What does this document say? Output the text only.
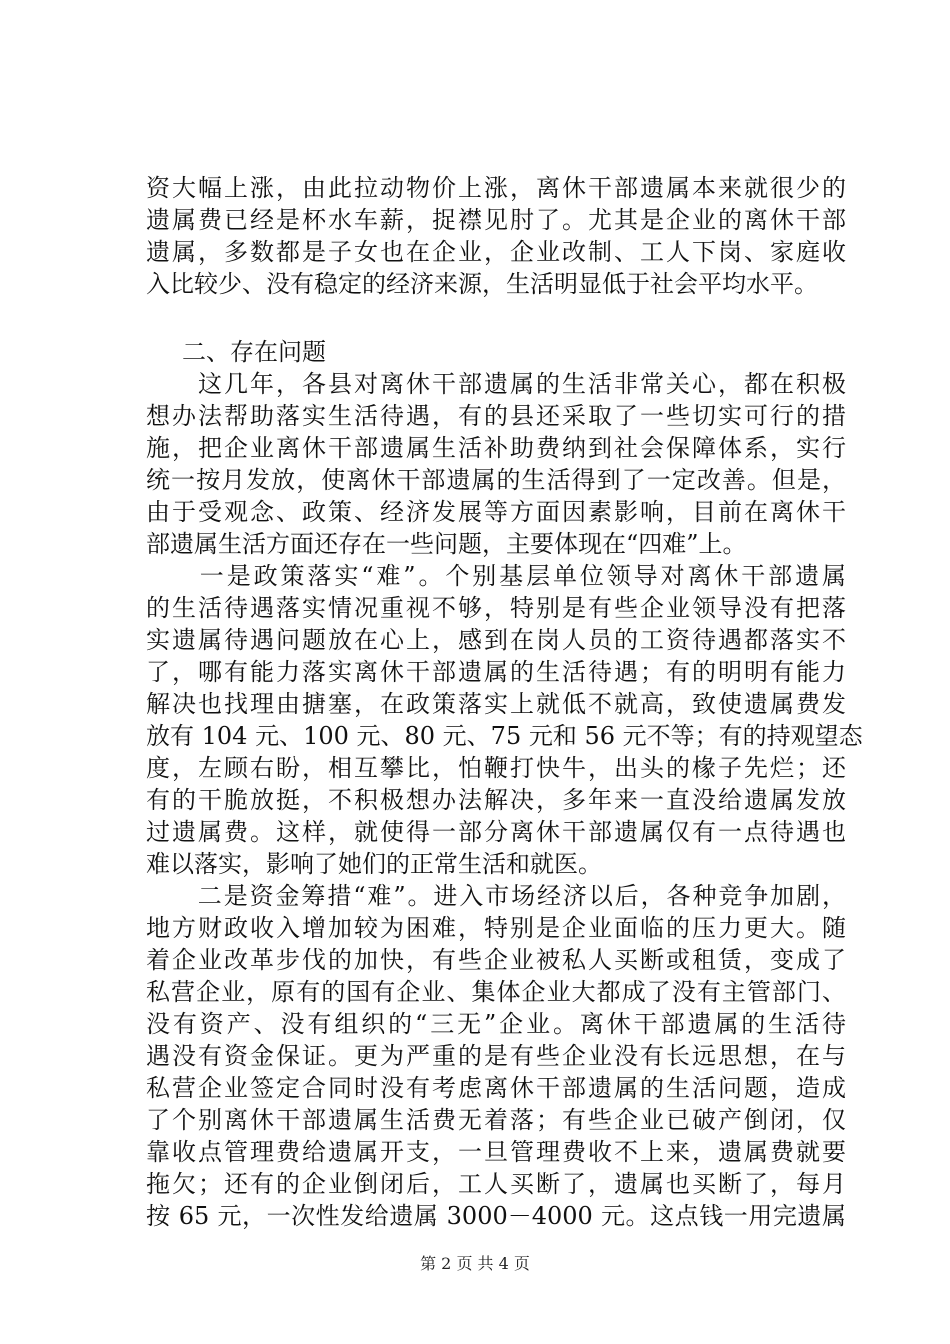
资大幅上涨，由此拉动物价上涨，离休干部遗属本来就很少的
遗属费已经是杯水车薪，捉襟见肘了。尤其是企业的离休干部
遗属，多数都是子女也在企业，企业改制、工人下岗、家庭收
入比较少、没有稳定的经济来源，生活明显低于社会平均水平。
二、存在问题
　　这几年，各县对离休干部遗属的生活非常关心，都在积极
想办法帮助落实生活待遇，有的县还采取了一些切实可行的措
施，把企业离休干部遗属生活补助费纳到社会保障体系，实行
统一按月发放，使离休干部遗属的生活得到了一定改善。但是，
由于受观念、政策、经济发展等方面因素影响，目前在离休干
部遗属生活方面还存在一些问题，主要体现在“四难”上。
　　一是政策落实“难”。个别基层单位领导对离休干部遗属
的生活待遇落实情况重视不够，特别是有些企业领导没有把落
实遗属待遇问题放在心上，感到在岗人员的工资待遇都落实不
了，哪有能力落实离休干部遗属的生活待遇；有的明明有能力
解决也找理由搪塞，在政策落实上就低不就高，致使遗属费发
放有 104 元、100 元、80 元、75 元和 56 元不等；有的持观望态
度，左顾右盼，相互攀比，怕鞭打快牛，出头的椽子先烂；还
有的干脆放挺，不积极想办法解决，多年来一直没给遗属发放
过遗属费。这样，就使得一部分离休干部遗属仅有一点待遇也
难以落实，影响了她们的正常生活和就医。
　　二是资金筹措“难”。进入市场经济以后，各种竞争加剧，
地方财政收入增加较为困难，特别是企业面临的压力更大。随
着企业改革步伐的加快，有些企业被私人买断或租赁，变成了
私营企业，原有的国有企业、集体企业大都成了没有主管部门、
没有资产、没有组织的“三无”企业。离休干部遗属的生活待
遇没有资金保证。更为严重的是有些企业没有长远思想，在与
私营企业签定合同时没有考虑离休干部遗属的生活问题，造成
了个别离休干部遗属生活费无着落；有些企业已破产倒闭，仅
靠收点管理费给遗属开支，一旦管理费收不上来，遗属费就要
拖欠；还有的企业倒闭后，工人买断了，遗属也买断了，每月
按 65 元，一次性发给遗属 3000－4000 元。这点钱一用完遗属
第 2 页 共 4 页
